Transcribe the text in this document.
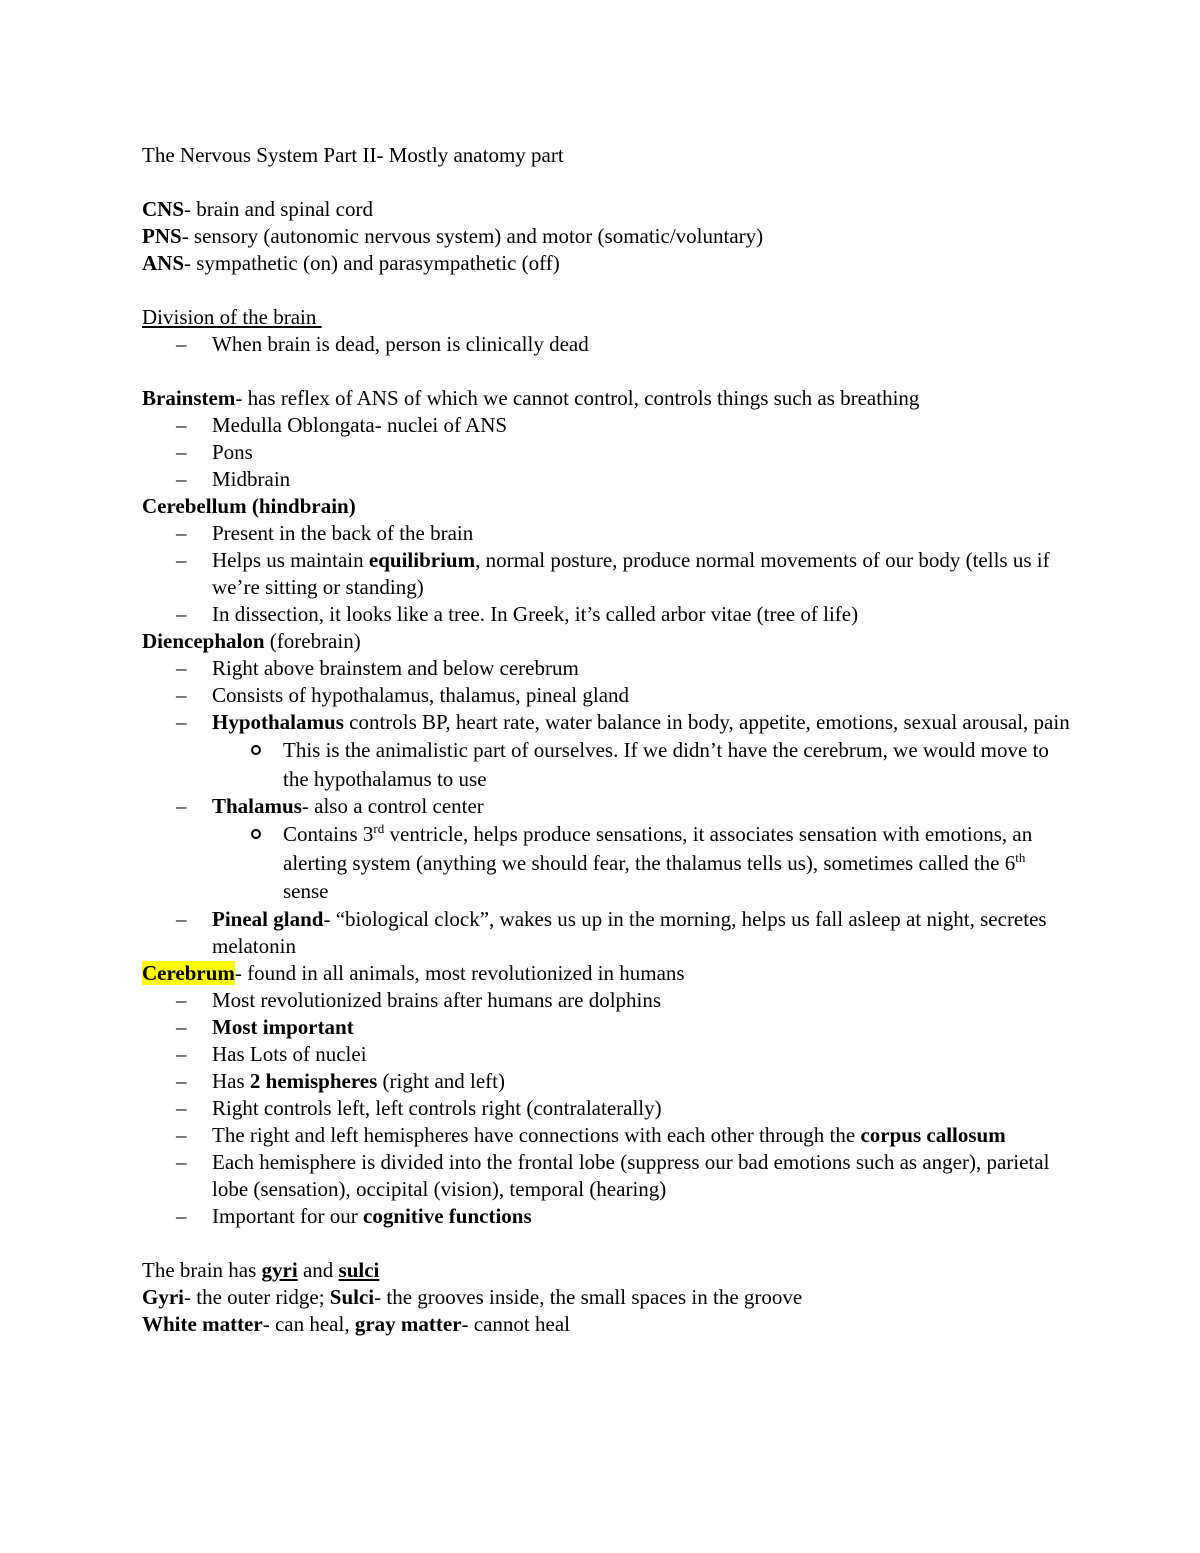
The Nervous System Part II- Mostly anatomy part

CNS- brain and spinal cord

PNS- sensory (autonomic nervous system) and motor (somatic/voluntary)

ANS- sympathetic (on) and parasympathetic (off)

Division of the brain

– When brain is dead, person is clinically dead

Brainstem- has reflex of ANS of which we cannot control, controls things such as breathing

– Medulla Oblongata- nuclei of ANS
– Pons
– Midbrain

Cerebellum (hindbrain)

– Present in the back of the brain
– Helps us maintain equilibrium, normal posture, produce normal movements of our body (tells us if we’re sitting or standing)
– In dissection, it looks like a tree. In Greek, it’s called arbor vitae (tree of life)

Diencephalon (forebrain)

– Right above brainstem and below cerebrum
– Consists of hypothalamus, thalamus, pineal gland
– Hypothalamus controls BP, heart rate, water balance in body, appetite, emotions, sexual arousal, pain
This is the animalistic part of ourselves. If we didn’t have the cerebrum, we would move to the hypothalamus to use
– Thalamus- also a control center
Contains 3rd ventricle, helps produce sensations, it associates sensation with emotions, an alerting system (anything we should fear, the thalamus tells us), sometimes called the 6th sense
– Pineal gland- “biological clock”, wakes us up in the morning, helps us fall asleep at night, secretes melatonin

Cerebrum- found in all animals, most revolutionized in humans

– Most revolutionized brains after humans are dolphins
– Most important
– Has Lots of nuclei
– Has 2 hemispheres (right and left)
– Right controls left, left controls right (contralaterally)
– The right and left hemispheres have connections with each other through the corpus callosum
– Each hemisphere is divided into the frontal lobe (suppress our bad emotions such as anger), parietal lobe (sensation), occipital (vision), temporal (hearing)
– Important for our cognitive functions

The brain has gyri and sulci

Gyri- the outer ridge; Sulci- the grooves inside, the small spaces in the groove

White matter- can heal, gray matter- cannot heal
